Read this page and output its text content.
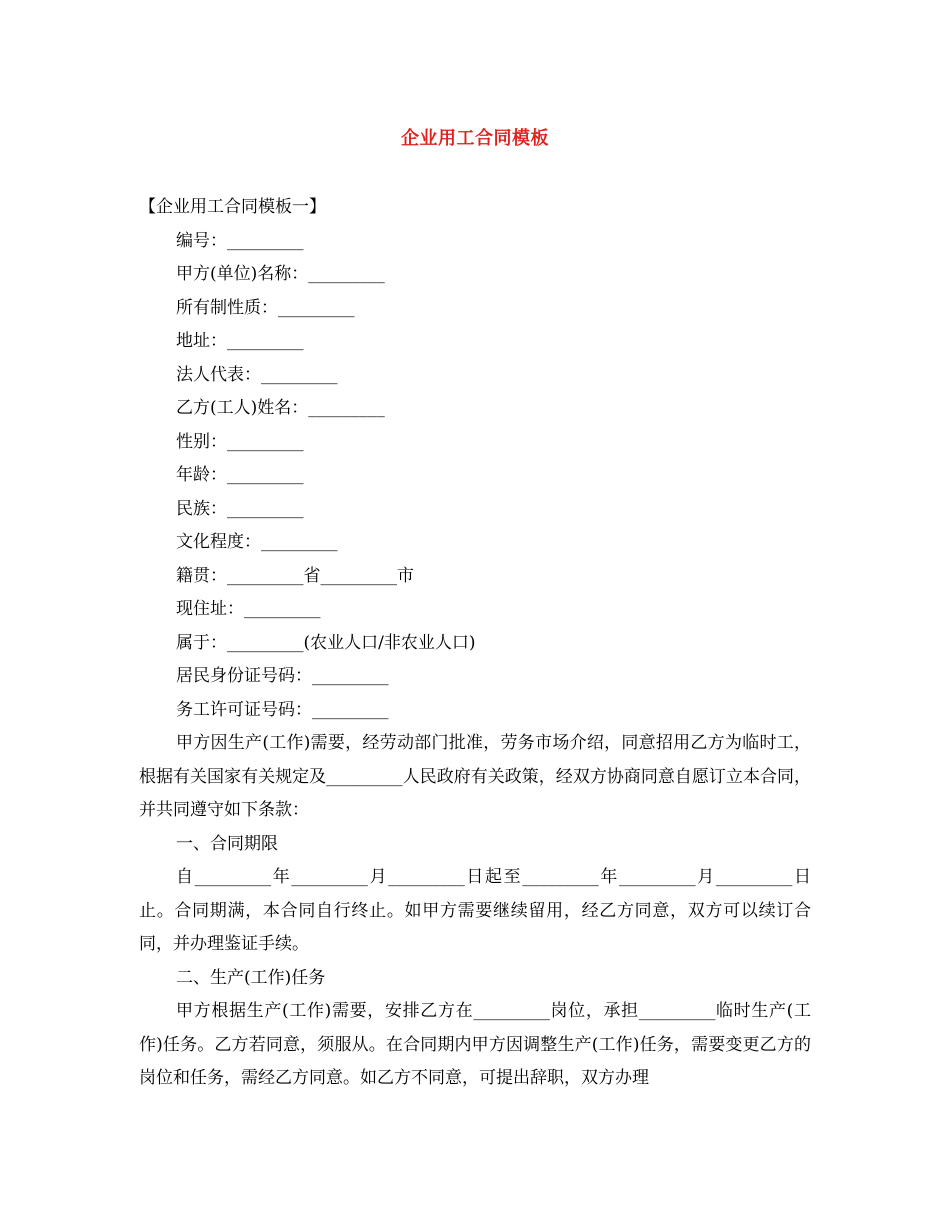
企业用工合同模板

【企业用工合同模板一】

编号：_________

甲方(单位)名称：_________

所有制性质：_________

地址：_________

法人代表：_________

乙方(工人)姓名：_________

性别：_________

年龄：_________

民族：_________

文化程度：_________

籍贯：_________省_________市

现住址：_________

属于：_________(农业人口/非农业人口)

居民身份证号码：_________

务工许可证号码：_________

甲方因生产(工作)需要，经劳动部门批准，劳务市场介绍，同意招用乙方为临时工，根据有关国家有关规定及_________人民政府有关政策，经双方协商同意自愿订立本合同，并共同遵守如下条款：

一、合同期限

自_________年_________月_________日起至_________年_________月_________日止。合同期满，本合同自行终止。如甲方需要继续留用，经乙方同意，双方可以续订合同，并办理鉴证手续。

二、生产(工作)任务

甲方根据生产(工作)需要，安排乙方在_________岗位，承担_________临时生产(工作)任务。乙方若同意，须服从。在合同期内甲方因调整生产(工作)任务，需要变更乙方的岗位和任务，需经乙方同意。如乙方不同意，可提出辞职，双方办理
